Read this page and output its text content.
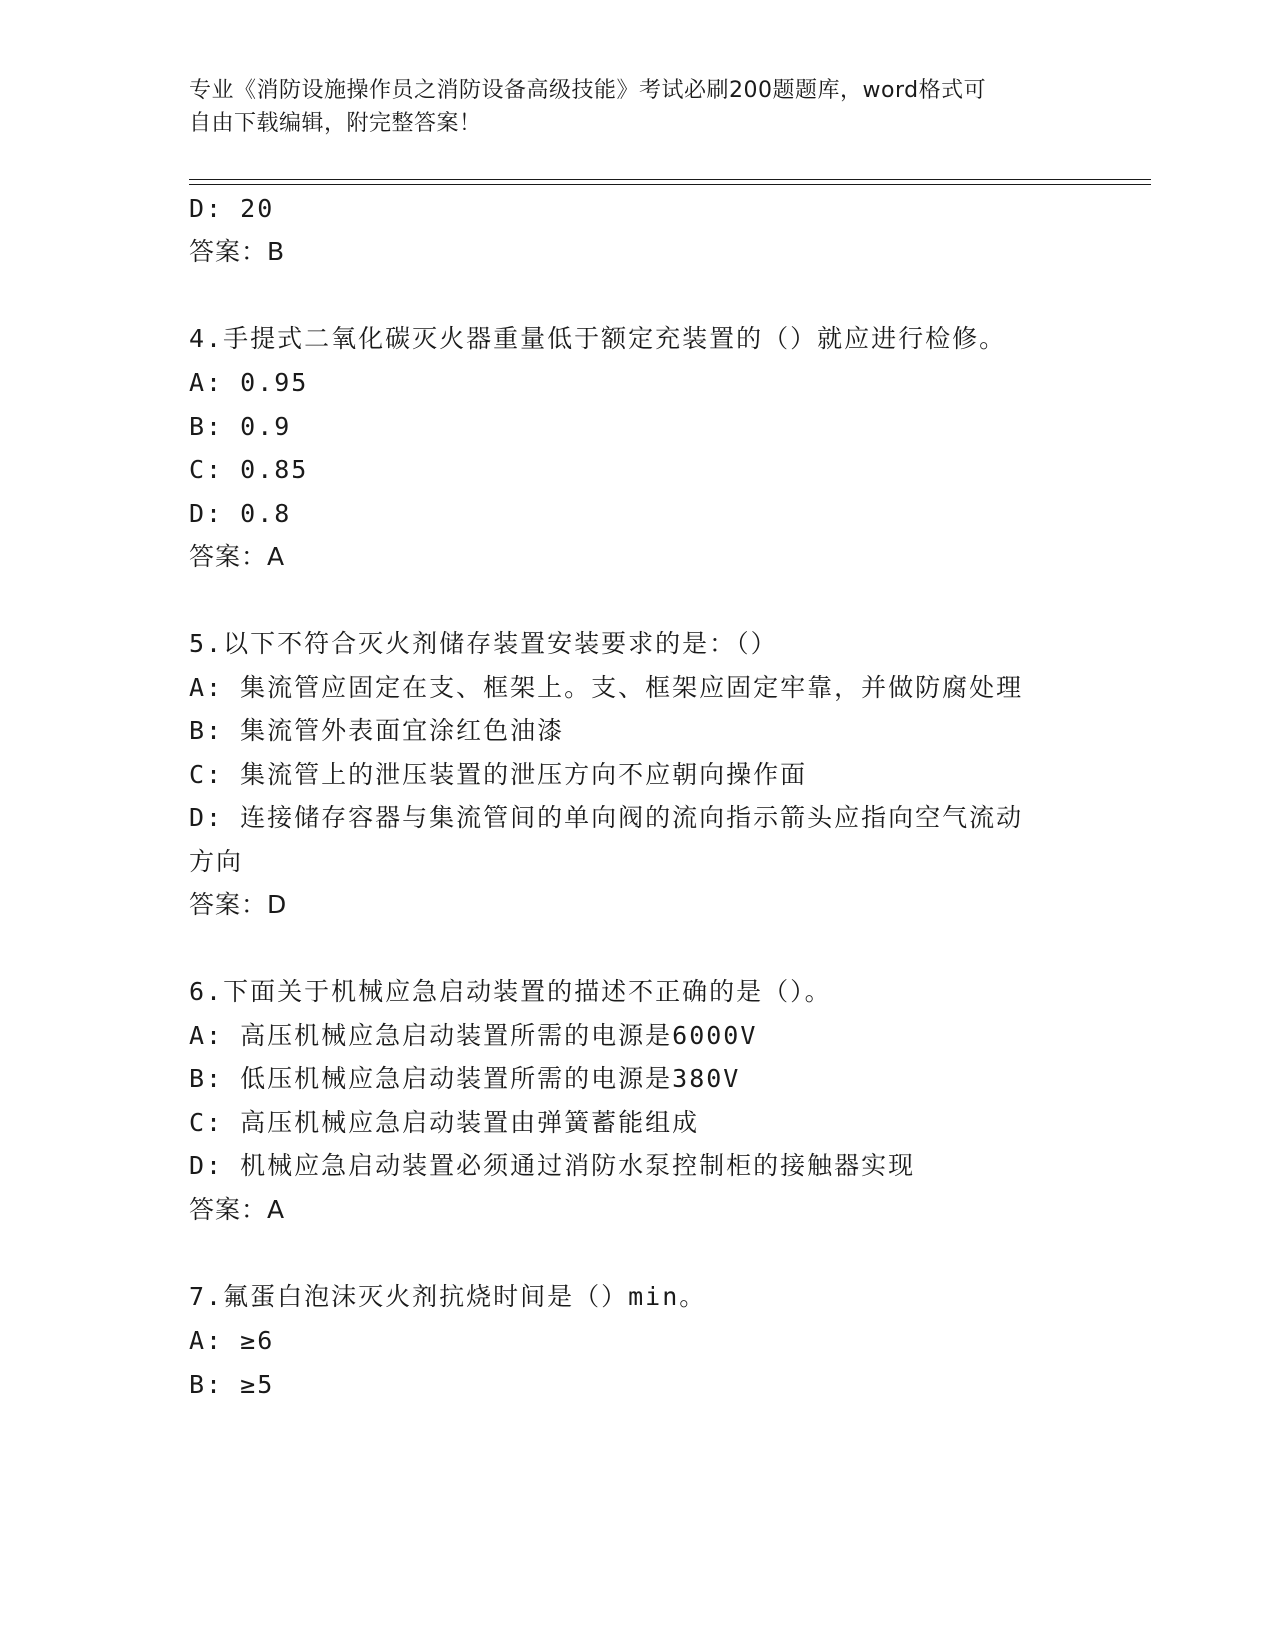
专业《消防设施操作员之消防设备高级技能》考试必刷200题题库，word格式可
自由下载编辑，附完整答案！
D: 20
答案：B
4.手提式二氧化碳灭火器重量低于额定充装置的（）就应进行检修。
A: 0.95
B: 0.9
C: 0.85
D: 0.8
答案：A
5.以下不符合灭火剂储存装置安装要求的是：（）
A: 集流管应固定在支、框架上。支、框架应固定牢靠，并做防腐处理
B: 集流管外表面宜涂红色油漆
C: 集流管上的泄压装置的泄压方向不应朝向操作面
D: 连接储存容器与集流管间的单向阀的流向指示箭头应指向空气流动
方向
答案：D
6.下面关于机械应急启动装置的描述不正确的是（）。
A: 高压机械应急启动装置所需的电源是6000V
B: 低压机械应急启动装置所需的电源是380V
C: 高压机械应急启动装置由弹簧蓄能组成
D: 机械应急启动装置必须通过消防水泵控制柜的接触器实现
答案：A
7.氟蛋白泡沫灭火剂抗烧时间是（）min。
A: ≥6
B: ≥5
